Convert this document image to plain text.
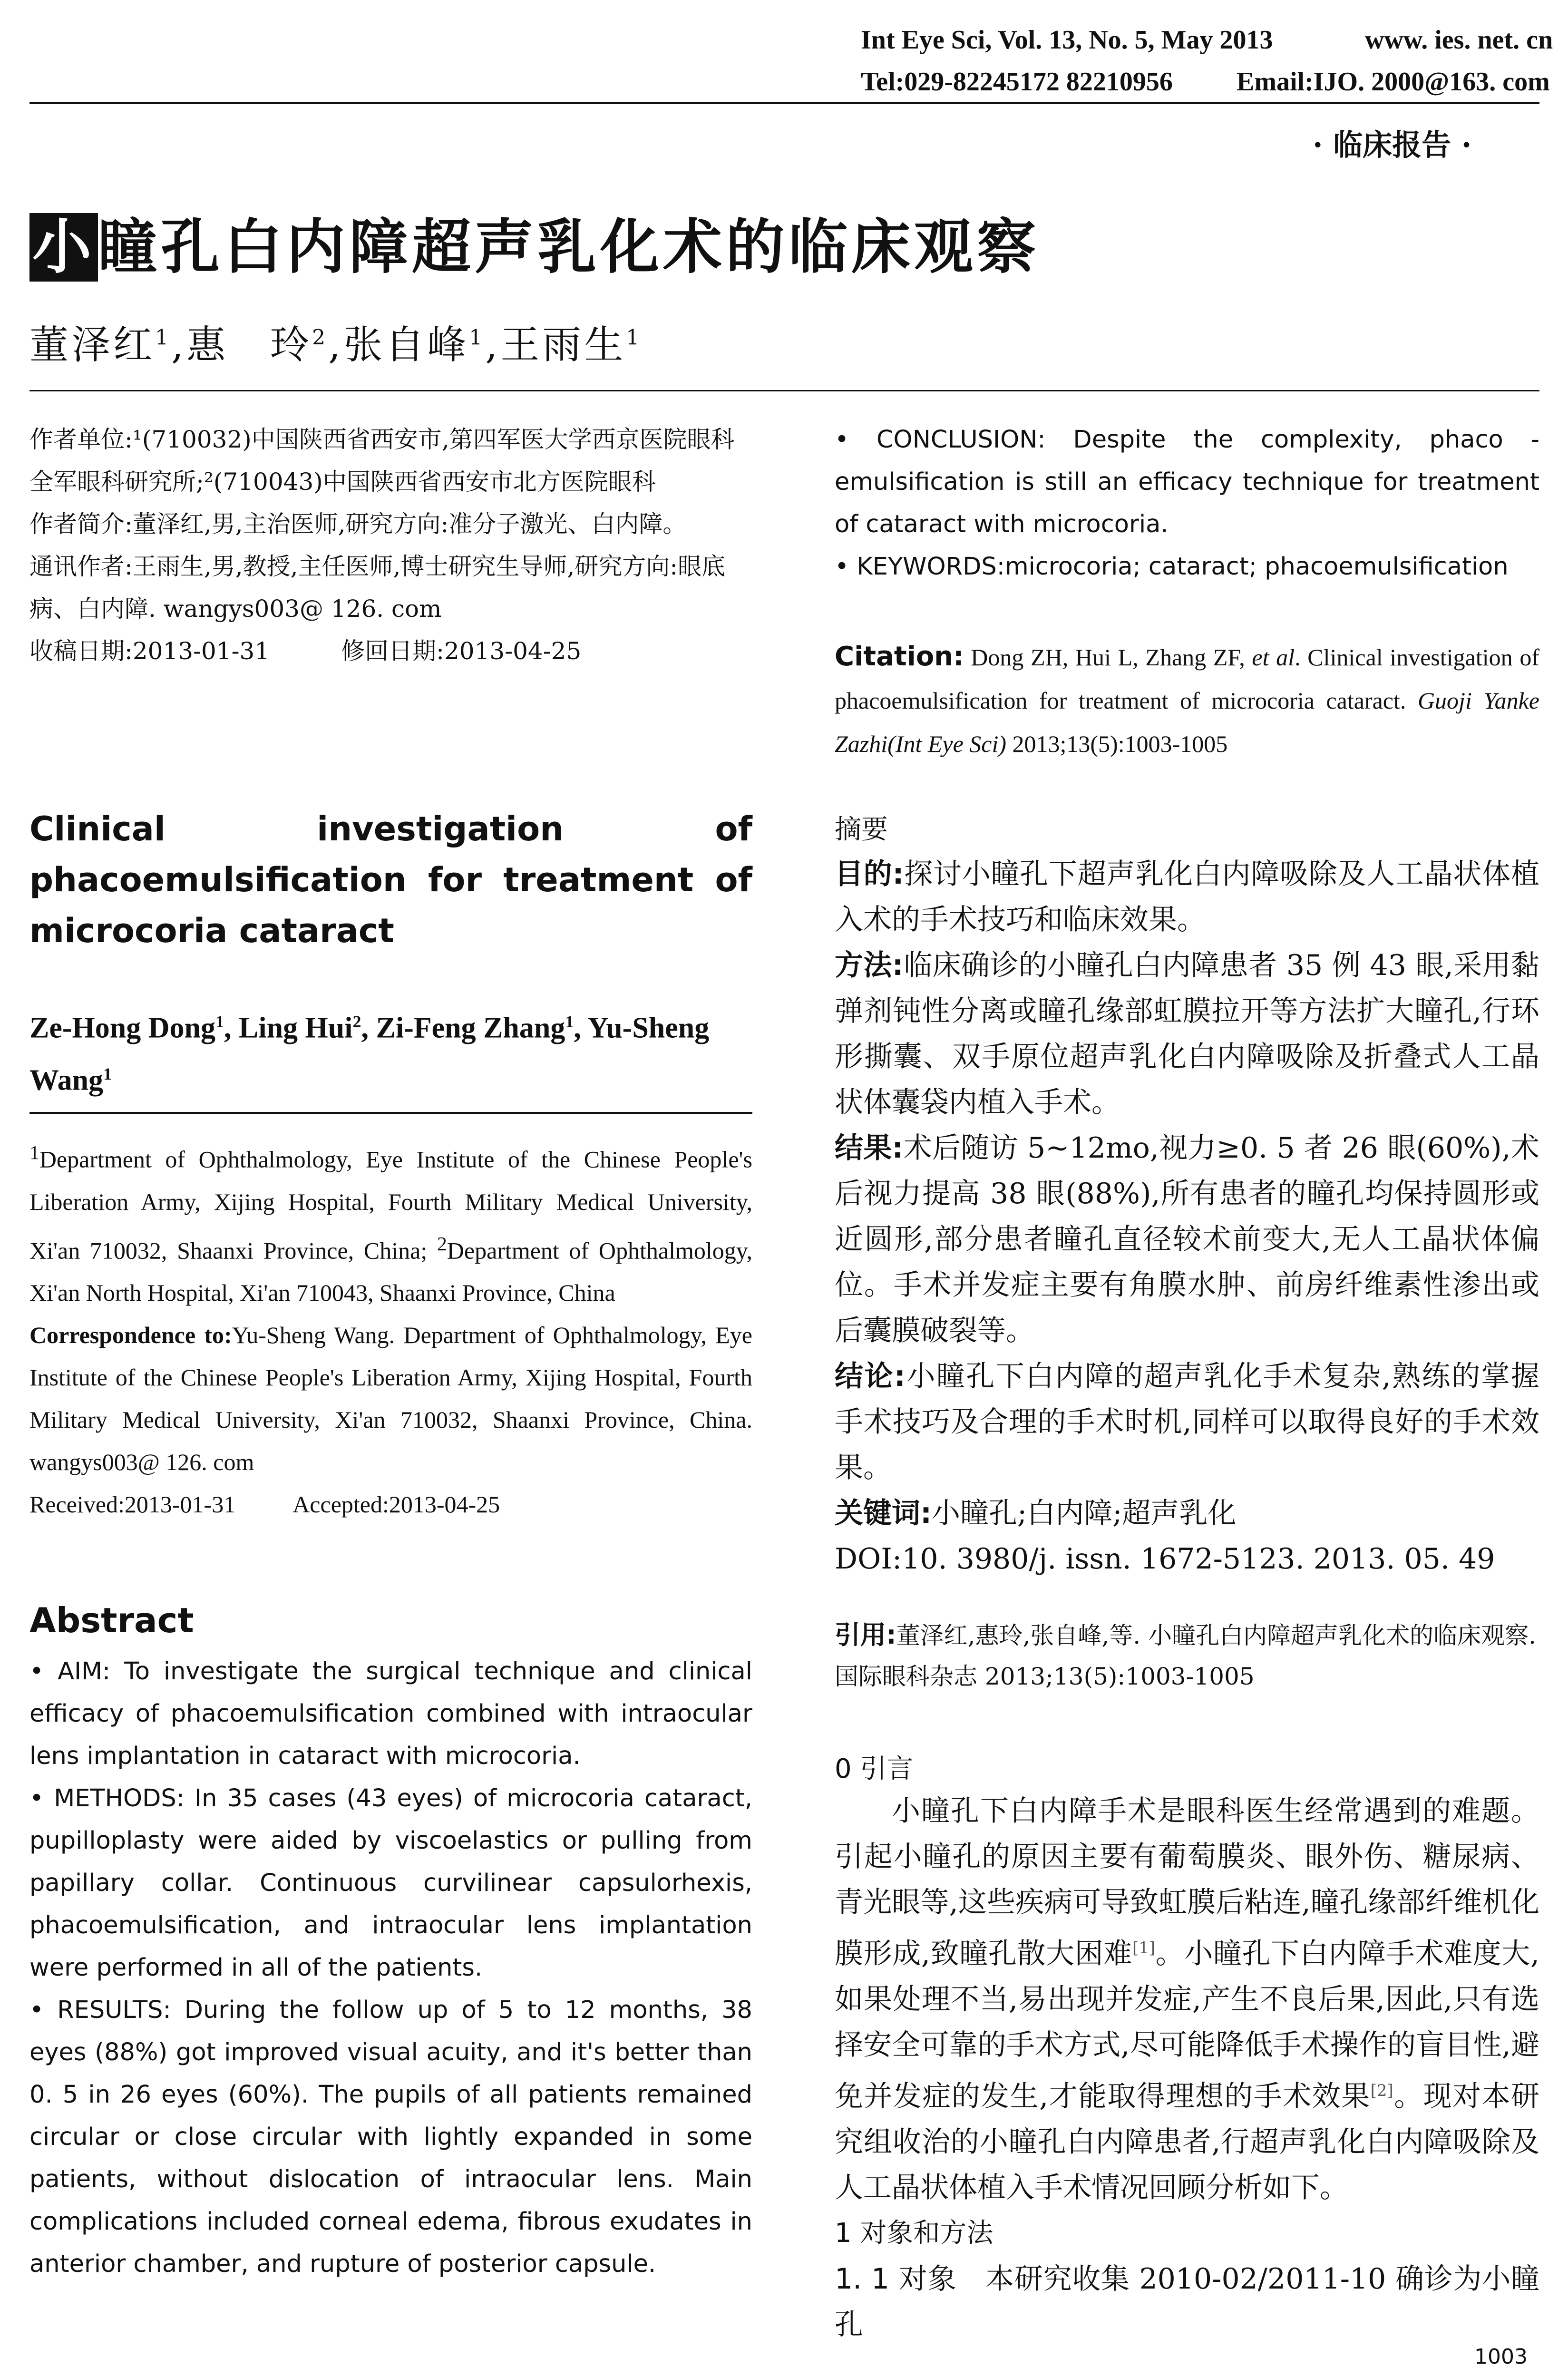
Int Eye Sci, Vol. 13, No. 5, May 2013	www. ies. net. cn
Tel:029-82245172 82210956 Email:IJO. 2000@163. com
· 临床报告 ·
小瞳孔白内障超声乳化术的临床观察
董泽红$^1$,惠　玲$^2$,张自峰$^1$,王雨生$^1$

作者单位:¹(710032)中国陕西省西安市,第四军医大学西京医院眼科 全军眼科研究所;²(710043)中国陕西省西安市北方医院眼科

作者简介:董泽红,男,主治医师,研究方向:准分子激光、白内障。

通讯作者:王雨生,男,教授,主任医师,博士研究生导师,研究方向:眼底病、白内障. wangys003@ 126. com

收稿日期:2013-01-31	修回日期:2013-04-25

Clinical investigation of phacoemulsification for treatment of microcoria cataract
Ze-Hong Dong$^1$, Ling Hui$^2$, Zi-Feng Zhang$^1$, Yu-Sheng Wang$^1$

$^1$Department of Ophthalmology, Eye Institute of the Chinese People's Liberation Army, Xijing Hospital, Fourth Military Medical University, Xi'an 710032, Shaanxi Province, China; $^2$Department of Ophthalmology, Xi'an North Hospital, Xi'an 710043, Shaanxi Province, China

Correspondence to:Yu-Sheng Wang. Department of Ophthalmology, Eye Institute of the Chinese People's Liberation Army, Xijing Hospital, Fourth Military Medical University, Xi'an 710032, Shaanxi Province, China. wangys003@ 126. com

Received:2013-01-31 Accepted:2013-04-25

Abstract

• AIM: To investigate the surgical technique and clinical efficacy of phacoemulsification combined with intraocular lens implantation in cataract with microcoria.

• METHODS: In 35 cases (43 eyes) of microcoria cataract, pupilloplasty were aided by viscoelastics or pulling from papillary collar. Continuous curvilinear capsulorhexis, phacoemulsification, and intraocular lens implantation were performed in all of the patients.

• RESULTS: During the follow up of 5 to 12 months, 38 eyes (88%) got improved visual acuity, and it's better than 0. 5 in 26 eyes (60%). The pupils of all patients remained circular or close circular with lightly expanded in some patients, without dislocation of intraocular lens. Main complications included corneal edema, fibrous exudates in anterior chamber, and rupture of posterior capsule.

• CONCLUSION: Despite the complexity, phaco - emulsification is still an efficacy technique for treatment of cataract with microcoria.

• KEYWORDS:microcoria; cataract; phacoemulsification

Citation: Dong ZH, Hui L, Zhang ZF, et al. Clinical investigation of phacoemulsification for treatment of microcoria cataract. Guoji Yanke Zazhi(Int Eye Sci) 2013;13(5):1003-1005
摘要

目的:探讨小瞳孔下超声乳化白内障吸除及人工晶状体植入术的手术技巧和临床效果。

方法:临床确诊的小瞳孔白内障患者 35 例 43 眼,采用黏弹剂钝性分离或瞳孔缘部虹膜拉开等方法扩大瞳孔,行环形撕囊、双手原位超声乳化白内障吸除及折叠式人工晶状体囊袋内植入手术。

结果:术后随访 5~12mo,视力≥0. 5 者 26 眼(60%),术后视力提高 38 眼(88%),所有患者的瞳孔均保持圆形或近圆形,部分患者瞳孔直径较术前变大,无人工晶状体偏位。手术并发症主要有角膜水肿、前房纤维素性渗出或后囊膜破裂等。

结论:小瞳孔下白内障的超声乳化手术复杂,熟练的掌握手术技巧及合理的手术时机,同样可以取得良好的手术效果。

关键词:小瞳孔;白内障;超声乳化

DOI:10. 3980/j. issn. 1672-5123. 2013. 05. 49

引用:董泽红,惠玲,张自峰,等. 小瞳孔白内障超声乳化术的临床观察. 国际眼科杂志 2013;13(5):1003-1005
0 引言

小瞳孔下白内障手术是眼科医生经常遇到的难题。引起小瞳孔的原因主要有葡萄膜炎、眼外伤、糖尿病、青光眼等,这些疾病可导致虹膜后粘连,瞳孔缘部纤维机化膜形成,致瞳孔散大困难[1]。小瞳孔下白内障手术难度大,如果处理不当,易出现并发症,产生不良后果,因此,只有选择安全可靠的手术方式,尽可能降低手术操作的盲目性,避免并发症的发生,才能取得理想的手术效果[2]。现对本研究组收治的小瞳孔白内障患者,行超声乳化白内障吸除及人工晶状体植入手术情况回顾分析如下。

1 对象和方法

1. 1 对象　本研究收集 2010-02/2011-10 确诊为小瞳孔

1003
